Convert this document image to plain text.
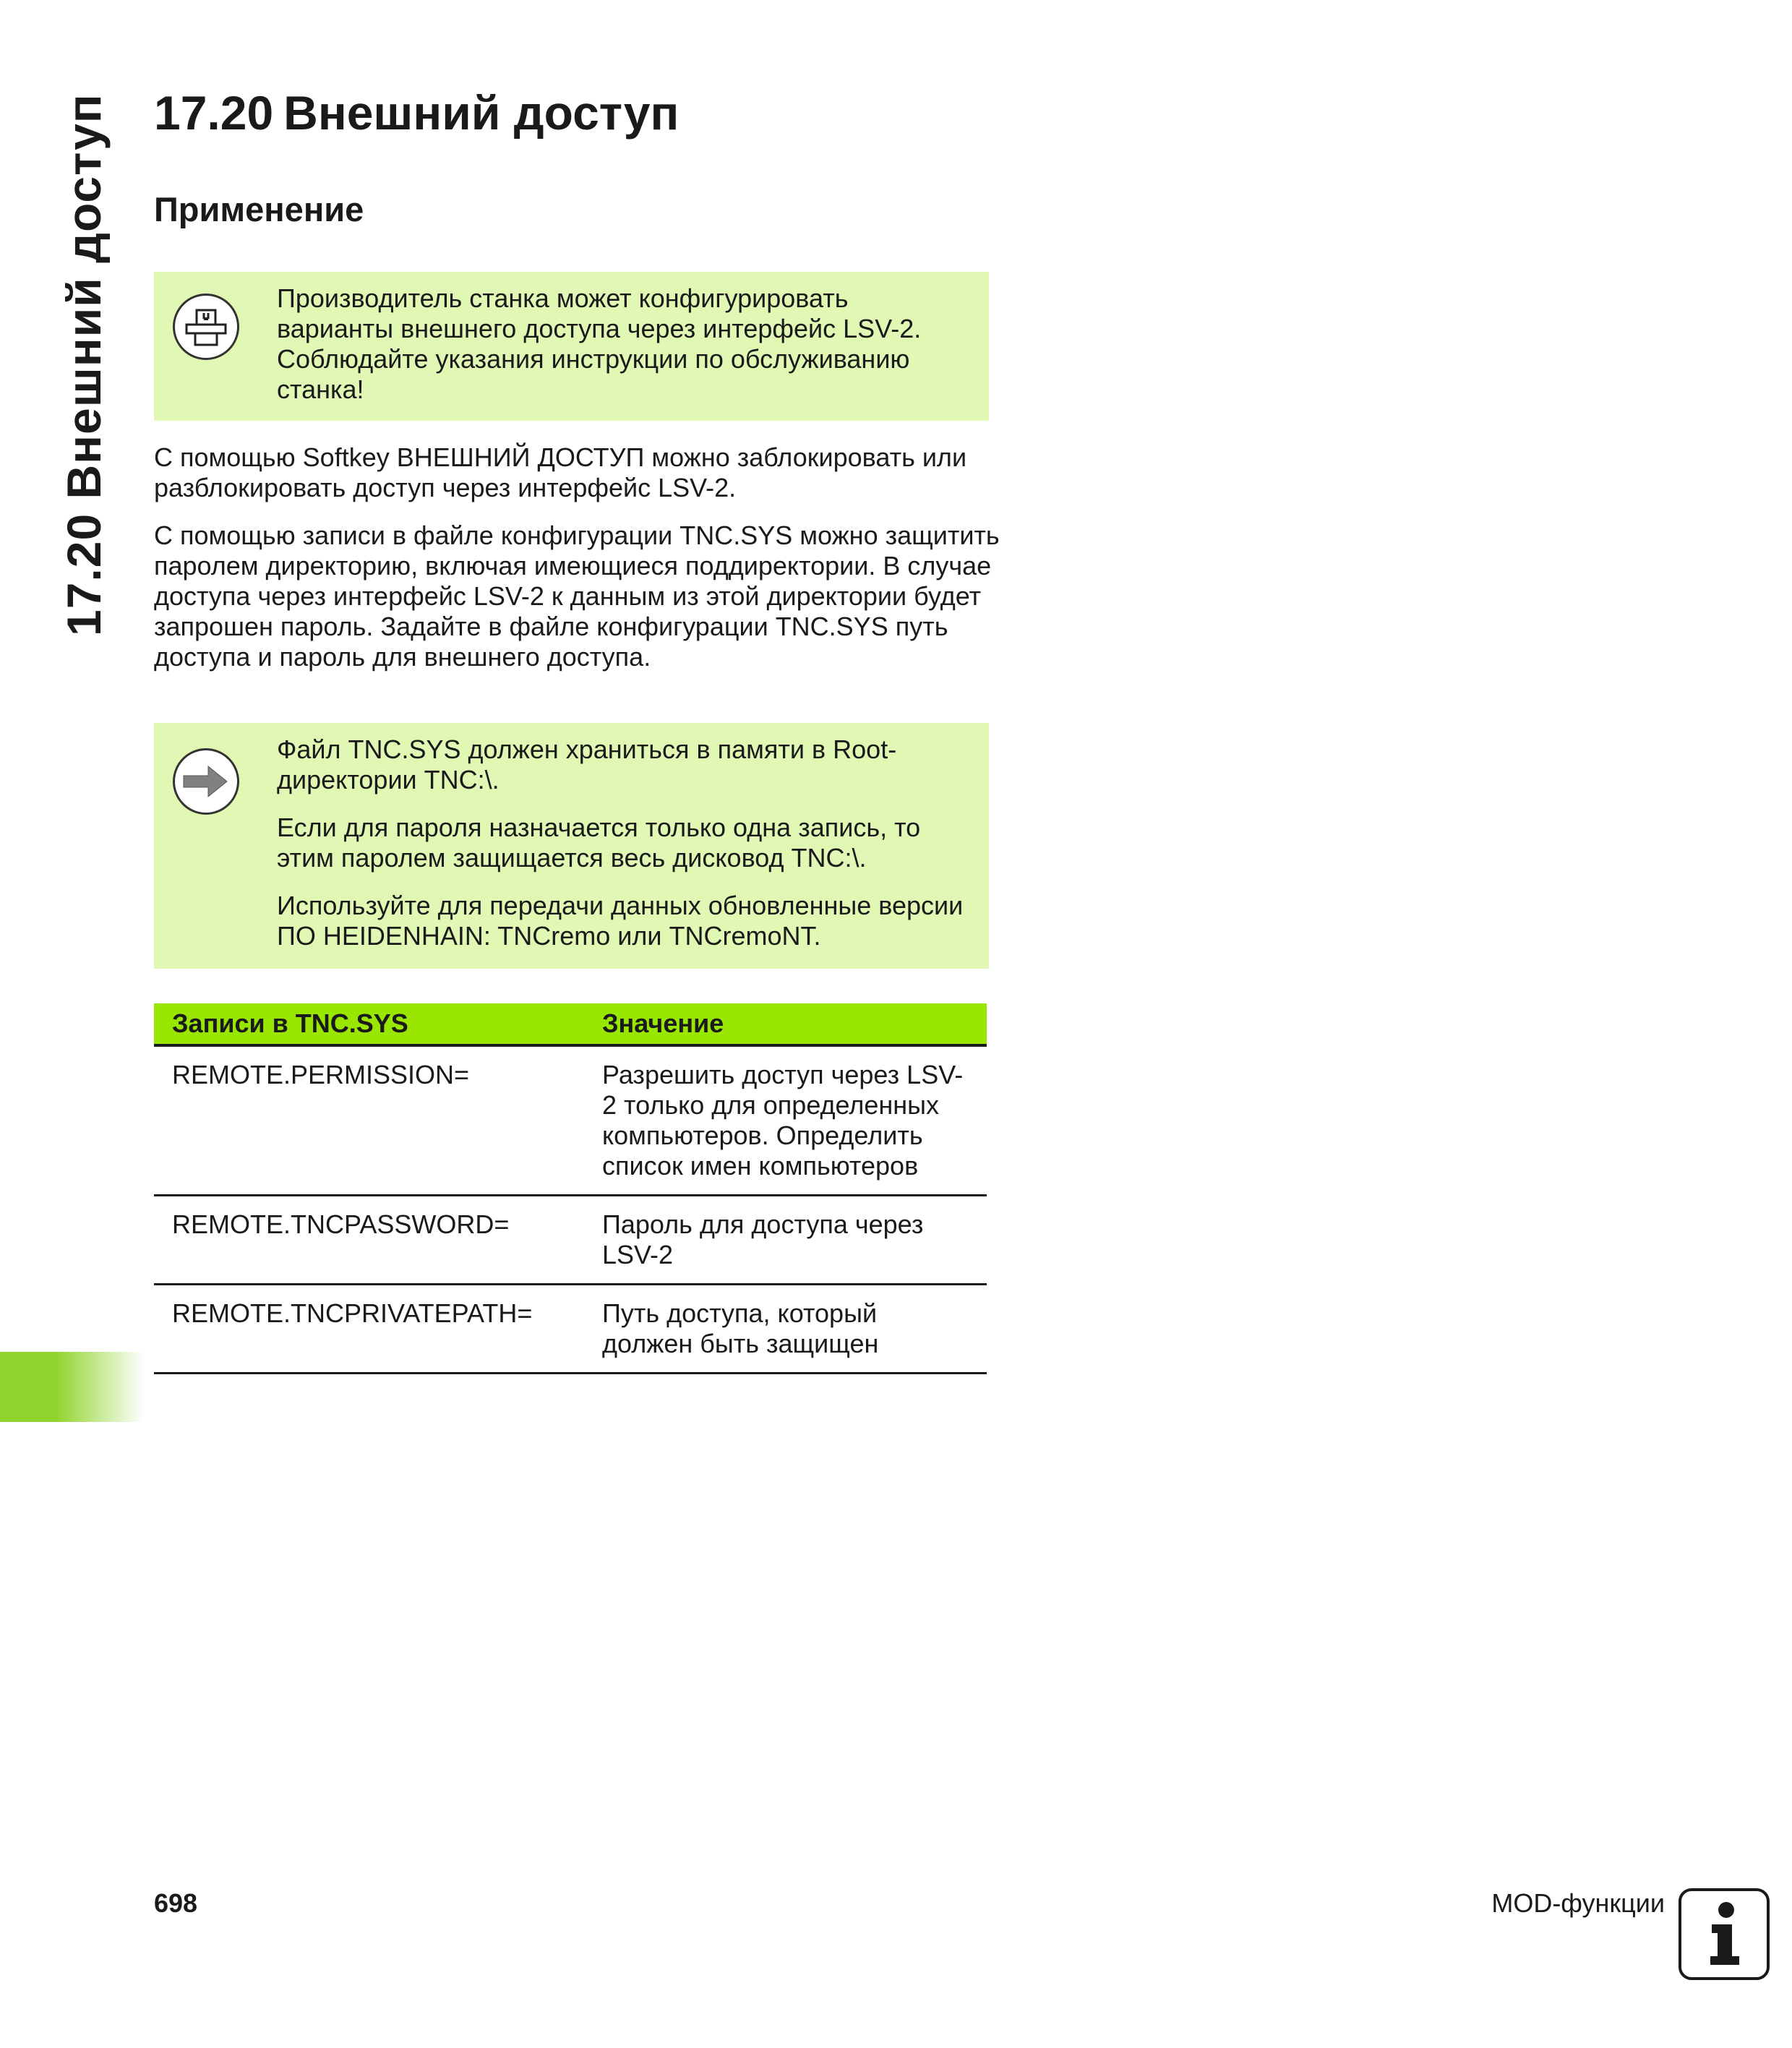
17.20 Внешний доступ 17.20 Внешний доступ
Применение

Производитель станка может конфигурировать варианты внешнего доступа через интерфейс LSV-2. Соблюдайте указания инструкции по обслуживанию станка!

С помощью Softkey ВНЕШНИЙ ДОСТУП можно заблокировать или разблокировать доступ через интерфейс LSV-2.

С помощью записи в файле конфигурации TNC.SYS можно защитить паролем директорию, включая имеющиеся поддиректории. В случае доступа через интерфейс LSV-2 к данным из этой директории будет запрошен пароль. Задайте в файле конфигурации TNC.SYS путь доступа и пароль для внешнего доступа.

Файл TNC.SYS должен храниться в памяти в Root-директории TNC:\.

Если для пароля назначается только одна запись, то этим паролем защищается весь дисковод TNC:\.

Используйте для передачи данных обновленные версии ПО HEIDENHAIN: TNCremo или TNCremoNT.

Записи в TNC.SYS	Значение
REMOTE.PERMISSION=	Разрешить доступ через LSV-2 только для определенных компьютеров. Определить список имен компьютеров
REMOTE.TNCPASSWORD=	Пароль для доступа через LSV-2
REMOTE.TNCPRIVATEPATH=	Путь доступа, который должен быть защищен
698	MOD-функции
